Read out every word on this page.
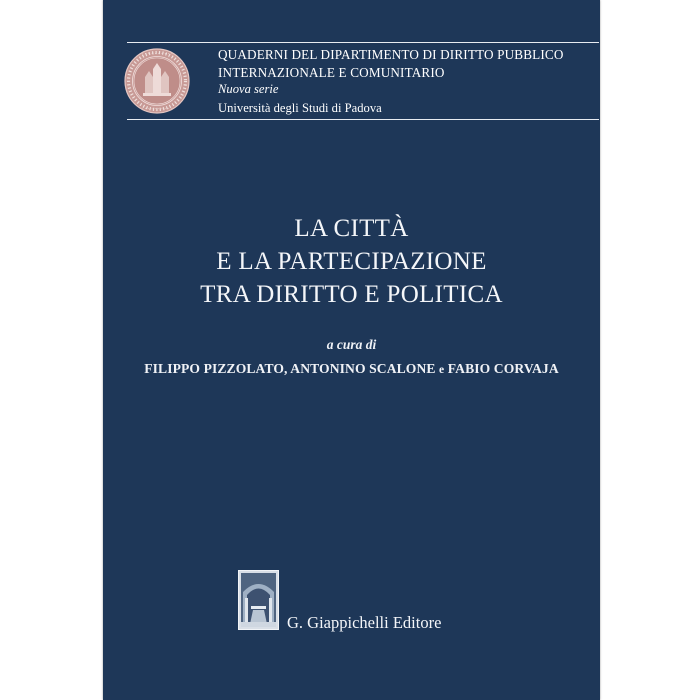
· · · · · · · · · ·
· · · · · · · · · ·
QUADERNI DEL DIPARTIMENTO DI DIRITTO PUBBLICO
INTERNAZIONALE E COMUNITARIO
Nuova serie
Università degli Studi di Padova
LA CITTÀ
E LA PARTECIPAZIONE
TRA DIRITTO E POLITICA
a cura di
FILIPPO PIZZOLATO, ANTONINO SCALONE e FABIO CORVAJA
G. Giappichelli Editore
